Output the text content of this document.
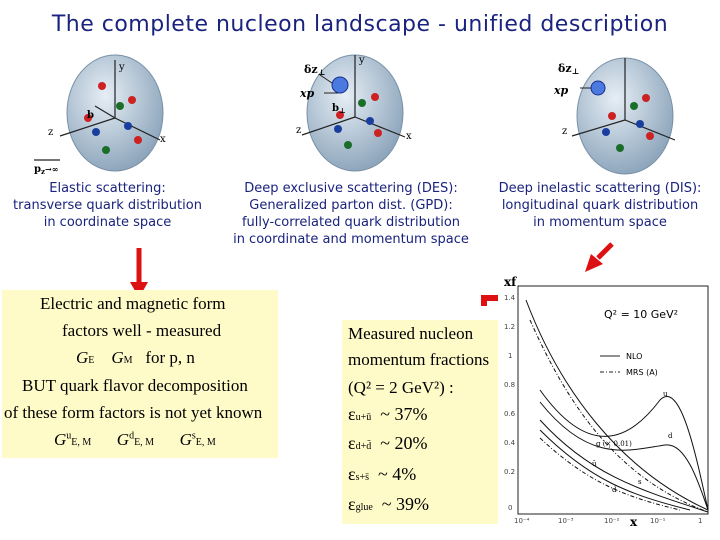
The complete nucleon landscape - unified description
y
z
x
b
$p_z^{\to\infty}$
y
z
x
δz⊥
xp
$b_\perp$
δz⊥
xp
z
Elastic scattering:
transverse quark distribution
in coordinate space
Deep exclusive scattering (DES):
Generalized parton dist. (GPD):
fully-correlated quark distribution
in coordinate and momentum space
Deep inelastic scattering (DIS):
longitudinal quark distribution
in momentum space
Electric and magnetic form
factors well - measured
GE GM for p, n
BUT quark flavor decomposition
of these form factors is not yet known
$G^uE$, M $G^dE$, M $G^sE$, M
Measured nucleon
momentum fractions
(Q² = 2 GeV²) :
εu+ū ~ 37%
εd+d̄ ~ 20%
εs+s̄ ~ 4%
εglue ~ 39%
xf
x
Q² = 10 GeV²
NLO
MRS (A)
1.4
1.2
1
0.8
0.6
0.4
0.2
0
10⁻⁴	10⁻³	10⁻²	10⁻¹	1
u
d
g (× 0.01)
ū
s
d̄
